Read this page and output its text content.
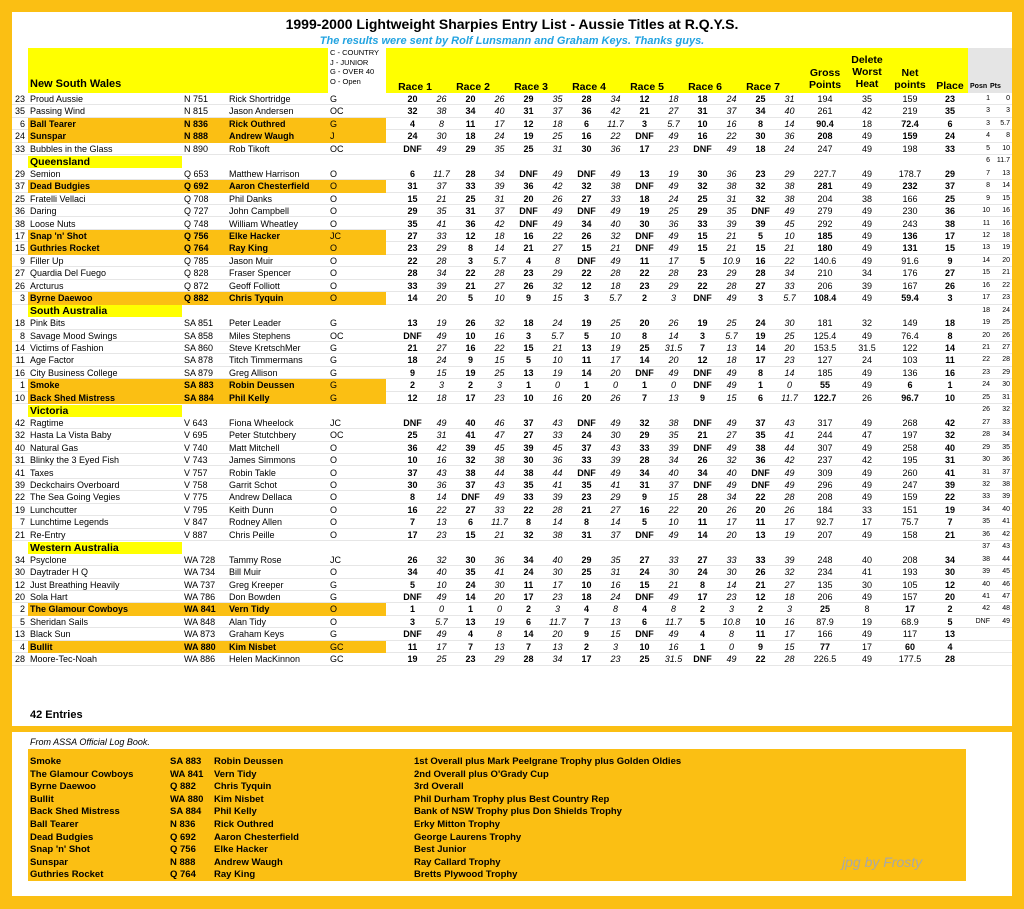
1999-2000 Lightweight Sharpies Entry List - Aussie Titles at R.Q.Y.S.
The results were sent by Rolf Lunsmann and Graham Keys. Thanks guys.
New South Wales
C - COUNTRY
J - JUNIOR
G - OVER 40
O - Open	Race 1	Race 2	Race 3	Race 4	Race 5	Race 6	Race 7
Gross Points
Delete Worst Heat
Net points	Place Posn Pts
23 Proud Aussie	N 751	Rick Shortridge	G	20	26	20	26	29	35	28	34	12	18	18	24	25	31	194	35	159	23	1	0
35 Passing Wind	N 815	Jason Andersen	OC	32	38	34	40	31	37	36	42	21	27	31	37	34	40	261	42	219	35	3	3
6 Ball Tearer	N 836	Rick Outhred	G	4	8	11	17	12	18	6	11.7	3	5.7	10	16	8	14	90.4	18	72.4	6	3	5.7
24 Sunspar	N 888	Andrew Waugh	J	24	30	18	24	19	25	16	22	DNF	49	16	22	30	36	208	49	159	24	4	8
33 Bubbles in the Glass	N 890	Rob Tikoft	OC	DNF	49	29	35	25	31	30	36	17	23	DNF	49	18	24	247	49	198	33	5	10
Queensland	6 11.7
29 Semion	Q 653	Matthew Harrison	O	6	11.7	28	34	DNF	49	DNF	49	13	19	30	36	23	29	227.7	49	178.7	29	7	13
37 Dead Budgies	Q 692	Aaron Chesterfield	O	31	37	33	39	36	42	32	38	DNF	49	32	38	32	38	281	49	232	37	8	14
25 Fratelli Vellaci	Q 708	Phil Danks	O	15	21	25	31	20	26	27	33	18	24	25	31	32	38	204	38	166	25	9	15
36 Daring	Q 727	John Campbell	O	29	35	31	37	DNF	49	DNF	49	19	25	29	35	DNF	49	279	49	230	36	10	16
38 Loose Nuts	Q 748	William Wheatley	O	35	41	36	42	DNF	49	34	40	30	36	33	39	39	45	292	49	243	38	11	16
17 Snap 'n' Shot	Q 756	Elke Hacker	JC	27	33	12	18	16	22	26	32	DNF	49	15	21	5	10	185	49	136	17	12	18
15 Guthries Rocket	Q 764	Ray King	O	23	29	8	14	21	27	15	21	DNF	49	15	21	15	21	180	49	131	15	13	19
9 Filler Up	Q 785	Jason Muir	O	22	28	3	5.7	4	8	DNF	49	11	17	5	10.9	16	22	140.6	49	91.6	9	14	20
27 Quardia Del Fuego	Q 828	Fraser Spencer	O	28	34	22	28	23	29	22	28	22	28	23	29	28	34	210	34	176	27	15	21
26 Arcturus	Q 872	Geoff Folliott	O	33	39	21	27	26	32	12	18	23	29	22	28	27	33	206	39	167	26	16	22
3 Byrne Daewoo	Q 882	Chris Tyquin	O	14	20	5	10	9	15	3	5.7	2	3	DNF	49	3	5.7	108.4	49	59.4	3	17	23
South Australia	18	24
18 Pink Bits	SA 851	Peter Leader	G	13	19	26	32	18	24	19	25	20	26	19	25	24	30	181	32	149	18	19	25
8 Savage Mood Swings	SA 858	Miles Stephens	OC	DNF	49	10	16	3	5.7	5	10	8	14	3	5.7	19	25	125.4	49	76.4	8	20	26
14 Victims of Fashion	SA 860	Steve KretschMer	G	21	27	16	22	15	21	13	19	25	31.5	7	13	14	20	153.5	31.5	122	14	21	27
11 Age Factor	SA 878	Titch Timmermans	G	18	24	9	15	5	10	11	17	14	20	12	18	17	23	127	24	103	11	22	28
16 City Business College	SA 879	Greg Allison	G	9	15	19	25	13	19	14	20	DNF	49	DNF	49	8	14	185	49	136	16	23	29
1 Smoke	SA 883	Robin Deussen	G	2	3	2	3	1	0	1	0	1	0	DNF	49	1	0	55	49	6	1	24	30
10 Back Shed Mistress	SA 884	Phil Kelly	G	12	18	17	23	10	16	20	26	7	13	9	15	6	11.7	122.7	26	96.7	10	25	31
Victoria	26	32
42 Ragtime	V 643	Fiona Wheelock	JC	DNF	49	40	46	37	43	DNF	49	32	38	DNF	49	37	43	317	49	268	42	27	33
32 Hasta La Vista Baby	V 695	Peter Stutchbery	OC	25	31	41	47	27	33	24	30	29	35	21	27	35	41	244	47	197	32	28	34
40 Natural Gas	V 740	Matt Mitchell	O	36	42	39	45	39	45	37	43	33	39	DNF	49	38	44	307	49	258	40	29	35
31 Blinky the 3 Eyed Fish	V 743	James Simmons	O	10	16	32	38	30	36	33	39	28	34	26	32	36	42	237	42	195	31	30	36
41 Taxes	V 757	Robin Takle	O	37	43	38	44	38	44	DNF	49	34	40	34	40	DNF	49	309	49	260	41	31	37
39 Deckchairs Overboard	V 758	Garrit Schot	O	30	36	37	43	35	41	35	41	31	37	DNF	49	DNF	49	296	49	247	39	32	38
22 The Sea Going Vegies	V 775	Andrew Dellaca	O	8	14	DNF	49	33	39	23	29	9	15	28	34	22	28	208	49	159	22	33	39
19 Lunchcutter	V 795	Keith Dunn	O	16	22	27	33	22	28	21	27	16	22	20	26	20	26	184	33	151	19	34	40
7 Lunchtime Legends	V 847	Rodney Allen	O	7	13	6	11.7	8	14	8	14	5	10	11	17	11	17	92.7	17	75.7	7	35	41
21 Re-Entry	V 887	Chris Peille	O	17	23	15	21	32	38	31	37	DNF	49	14	20	13	19	207	49	158	21	36	42
Western Australia	37	43
34 Psyclone	WA 728	Tammy Rose	JC	26	32	30	36	34	40	29	35	27	33	27	33	33	39	248	40	208	34	38	44
30 Daytrader H Q	WA 734	Bill Muir	O	34	40	35	41	24	30	25	31	24	30	24	30	26	32	234	41	193	30	39	45
12 Just Breathing Heavily	WA 737	Greg Kreeper	G	5	10	24	30	11	17	10	16	15	21	8	14	21	27	135	30	105	12	40	46
20 Sola Hart	WA 786	Don Bowden	G	DNF	49	14	20	17	23	18	24	DNF	49	17	23	12	18	206	49	157	20	41	47
2 The Glamour Cowboys	WA 841	Vern Tidy	O	1	0	1	0	2	3	4	8	4	8	2	3	2	3	25	8	17	2	42	48
5 Sheridan Sails	WA 848	Alan Tidy	O	3	5.7	13	19	6	11.7	7	13	6	11.7	5	10.8	10	16	87.9	19	68.9	5	DNF	49
13 Black Sun	WA 873	Graham Keys	G	DNF	49	4	8	14	20	9	15	DNF	49	4	8	11	17	166	49	117	13
4 Bullit	WA 880	Kim Nisbet	GC	11	17	7	13	7	13	2	3	10	16	1	0	9	15	77	17	60	4
28 Moore-Tec-Noah	WA 886	Helen MacKinnon	GC	19	25	23	29	28	34	17	23	25	31.5	DNF	49	22	28	226.5	49	177.5	28
42 Entries
From ASSA Official Log Book.
Smoke	SA 883	Robin Deussen	1st Overall plus Mark Peelgrane Trophy plus Golden Oldies
The Glamour Cowboys	WA 841	Vern Tidy	2nd Overall plus O'Grady Cup
Byrne Daewoo	Q 882	Chris Tyquin	3rd Overall
Bullit	WA 880	Kim Nisbet	Phil Durham Trophy plus Best Country Rep
Back Shed Mistress	SA 884	Phil Kelly	Bank of NSW Trophy plus Don Shields Trophy
Ball Tearer	N 836	Rick Outhred	Erky Mitton Trophy
Dead Budgies	Q 692	Aaron Chesterfield	George Laurens Trophy
Snap 'n' Shot	Q 756	Elke Hacker	Best Junior
Sunspar	N 888	Andrew Waugh	Ray Callard Trophy
Guthries Rocket	Q 764	Ray King	Bretts Plywood Trophy
jpg by Frosty
